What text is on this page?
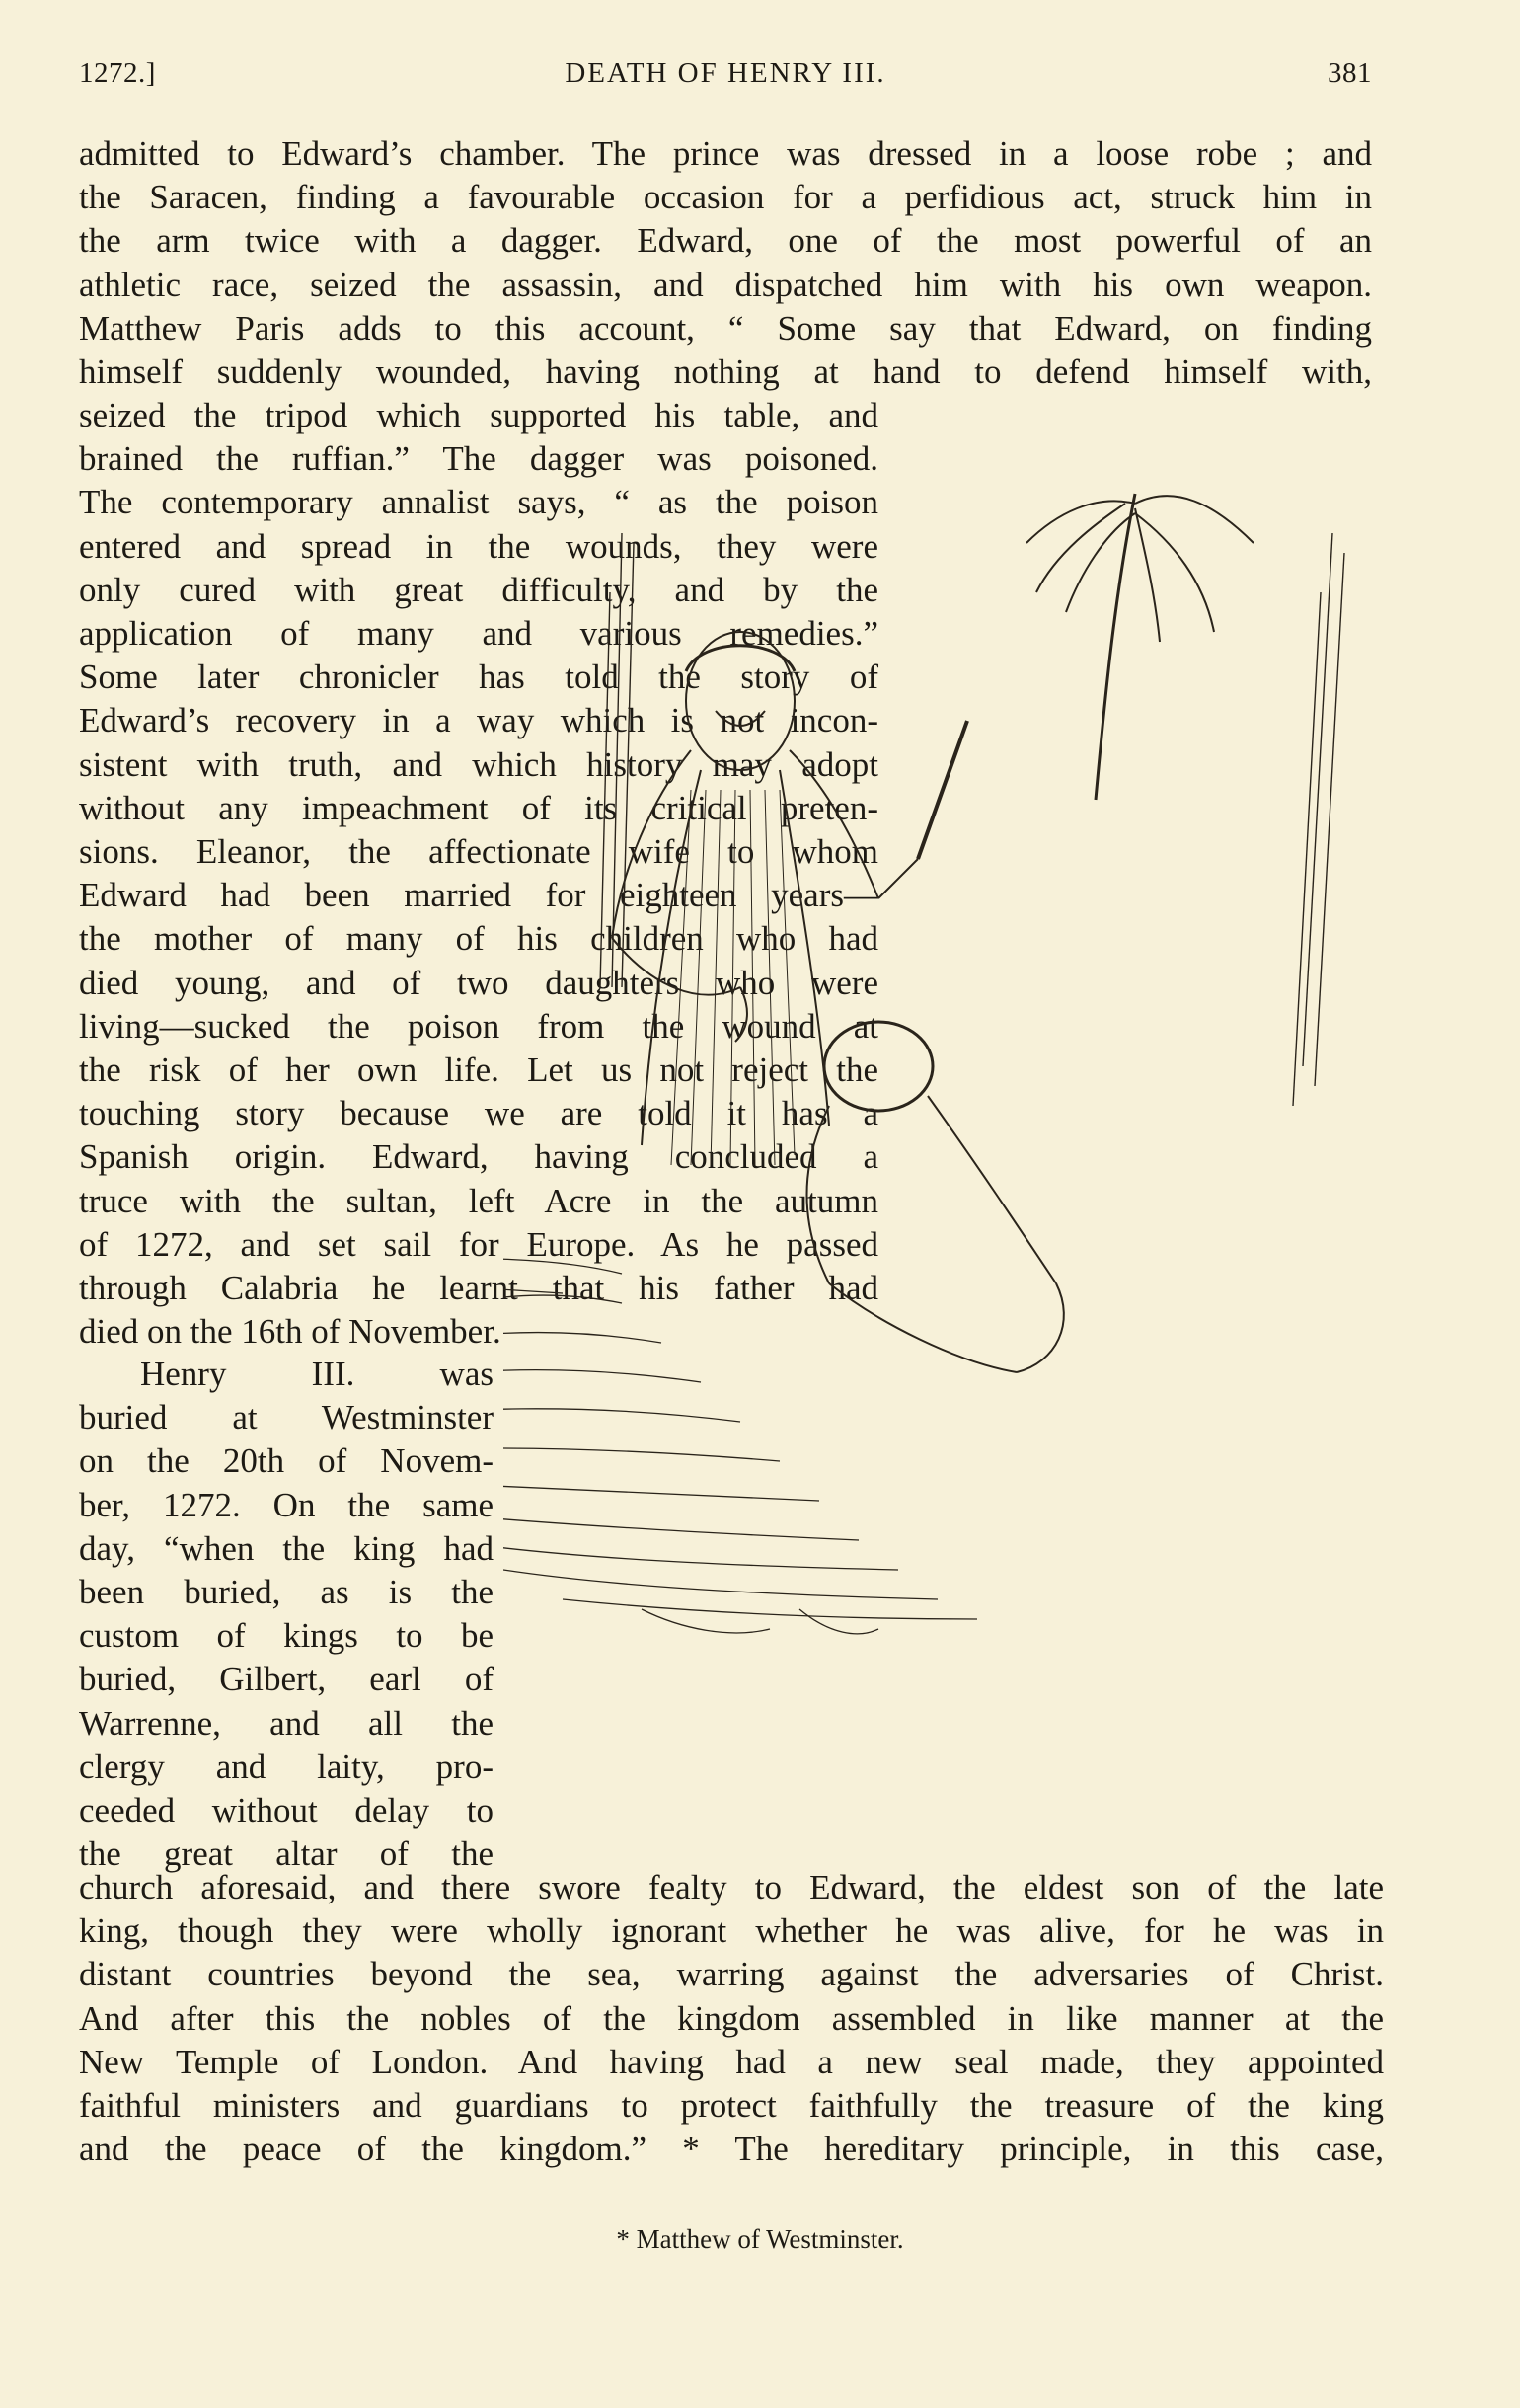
1272.]	DEATH OF HENRY III.	381
admitted to Edward’s chamber. The prince was dressed in a loose robe ; and
the Saracen, finding a favourable occasion for a perfidious act, struck him in
the arm twice with a dagger. Edward, one of the most powerful of an
athletic race, seized the assassin, and dispatched him with his own weapon.
Matthew Paris adds to this account, “ Some say that Edward, on finding
himself suddenly wounded, having nothing at hand to defend himself with,
seized the tripod which supported his table, and
brained the ruffian.” The dagger was poisoned.
The contemporary annalist says, “ as the poison
entered and spread in the wounds, they were
only cured with great difficulty, and by the
application of many and various remedies.”
Some later chronicler has told the story of
Edward’s recovery in a way which is not incon-
sistent with truth, and which history may adopt
without any impeachment of its critical preten-
sions. Eleanor, the affectionate wife to whom
Edward had been married for eighteen years—
the mother of many of his children who had
died young, and of two daughters who were
living—sucked the poison from the wound at
the risk of her own life. Let us not reject the
touching story because we are told it has a
Spanish origin. Edward, having concluded a
truce with the sultan, left Acre in the autumn
of 1272, and set sail for Europe. As he passed
through Calabria he learnt that his father had
died on the 16th of November.
Henry III. was
buried at Westminster
on the 20th of Novem-
ber, 1272. On the same
day, “when the king had
been buried, as is the
custom of kings to be
buried, Gilbert, earl of
Warrenne, and all the
clergy and laity, pro-
ceeded without delay to
the great altar of the
church aforesaid, and there swore fealty to Edward, the eldest son of the late
king, though they were wholly ignorant whether he was alive, for he was in
distant countries beyond the sea, warring against the adversaries of Christ.
And after this the nobles of the kingdom assembled in like manner at the
New Temple of London. And having had a new seal made, they appointed
faithful ministers and guardians to protect faithfully the treasure of the king
and the peace of the kingdom.” * The hereditary principle, in this case,
* Matthew of Westminster.
